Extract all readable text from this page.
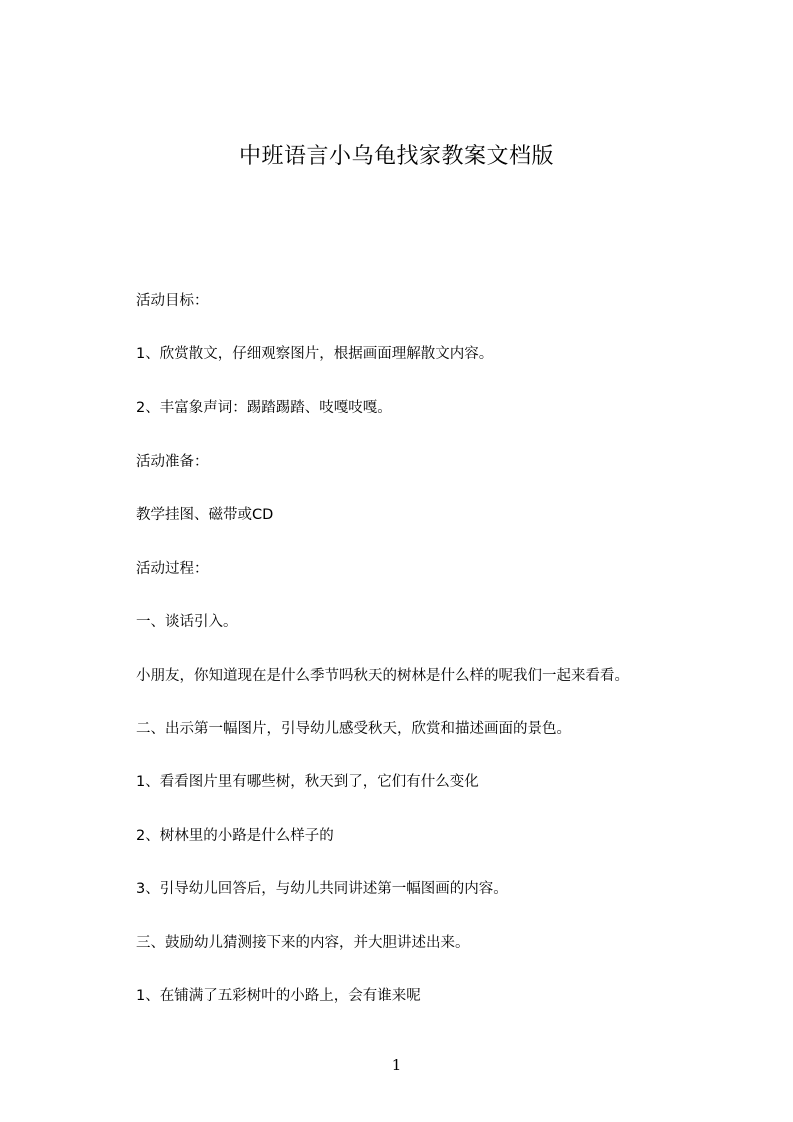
中班语言小乌龟找家教案文档版

活动目标：

1、欣赏散文，仔细观察图片，根据画面理解散文内容。

2、丰富象声词：踢踏踢踏、吱嘎吱嘎。

活动准备：

教学挂图、磁带或CD

活动过程：

一、谈话引入。

小朋友，你知道现在是什么季节吗秋天的树林是什么样的呢我们一起来看看。

二、出示第一幅图片，引导幼儿感受秋天，欣赏和描述画面的景色。

1、看看图片里有哪些树，秋天到了，它们有什么变化

2、树林里的小路是什么样子的

3、引导幼儿回答后，与幼儿共同讲述第一幅图画的内容。

三、鼓励幼儿猜测接下来的内容，并大胆讲述出来。

1、在铺满了五彩树叶的小路上，会有谁来呢

1
